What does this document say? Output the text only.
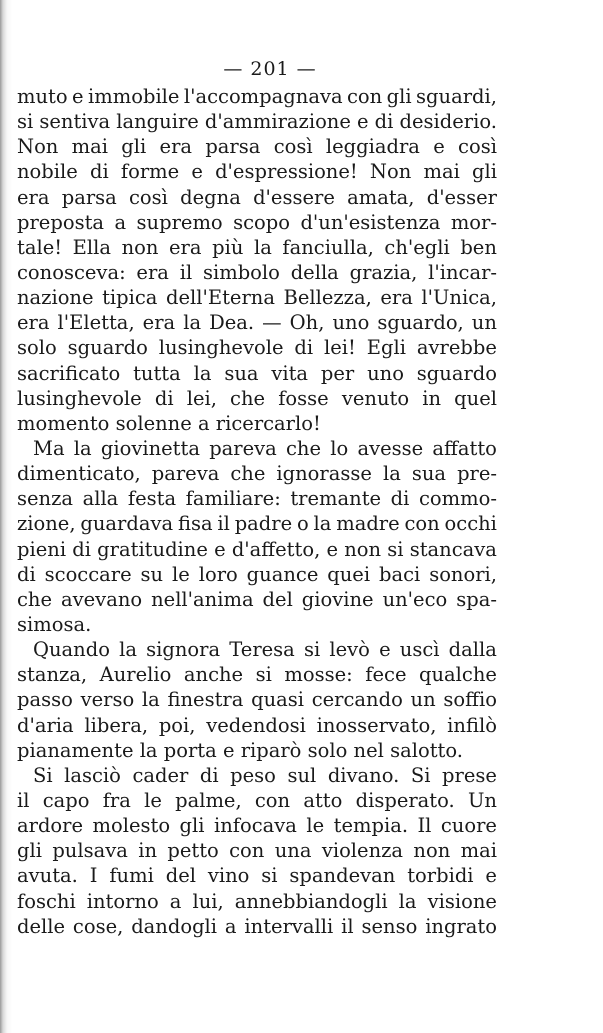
— 201 —
muto e immobile l'accompagnava con gli sguardi,
si sentiva languire d'ammirazione e di desiderio.
Non mai gli era parsa così leggiadra e così
nobile di forme e d'espressione! Non mai gli
era parsa così degna d'essere amata, d'esser
preposta a supremo scopo d'un'esistenza mor-
tale! Ella non era più la fanciulla, ch'egli ben
conosceva: era il simbolo della grazia, l'incar-
nazione tipica dell'Eterna Bellezza, era l'Unica,
era l'Eletta, era la Dea. — Oh, uno sguardo, un
solo sguardo lusinghevole di lei! Egli avrebbe
sacrificato tutta la sua vita per uno sguardo
lusinghevole di lei, che fosse venuto in quel
momento solenne a ricercarlo!
Ma la giovinetta pareva che lo avesse affatto
dimenticato, pareva che ignorasse la sua pre-
senza alla festa familiare: tremante di commo-
zione, guardava fisa il padre o la madre con occhi
pieni di gratitudine e d'affetto, e non si stancava
di scoccare su le loro guance quei baci sonori,
che avevano nell'anima del giovine un'eco spa-
simosa.
Quando la signora Teresa si levò e uscì dalla
stanza, Aurelio anche si mosse: fece qualche
passo verso la finestra quasi cercando un soffio
d'aria libera, poi, vedendosi inosservato, infilò
pianamente la porta e riparò solo nel salotto.
Si lasciò cader di peso sul divano. Si prese
il capo fra le palme, con atto disperato. Un
ardore molesto gli infocava le tempia. Il cuore
gli pulsava in petto con una violenza non mai
avuta. I fumi del vino si spandevan torbidi e
foschi intorno a lui, annebbiandogli la visione
delle cose, dandogli a intervalli il senso ingrato
